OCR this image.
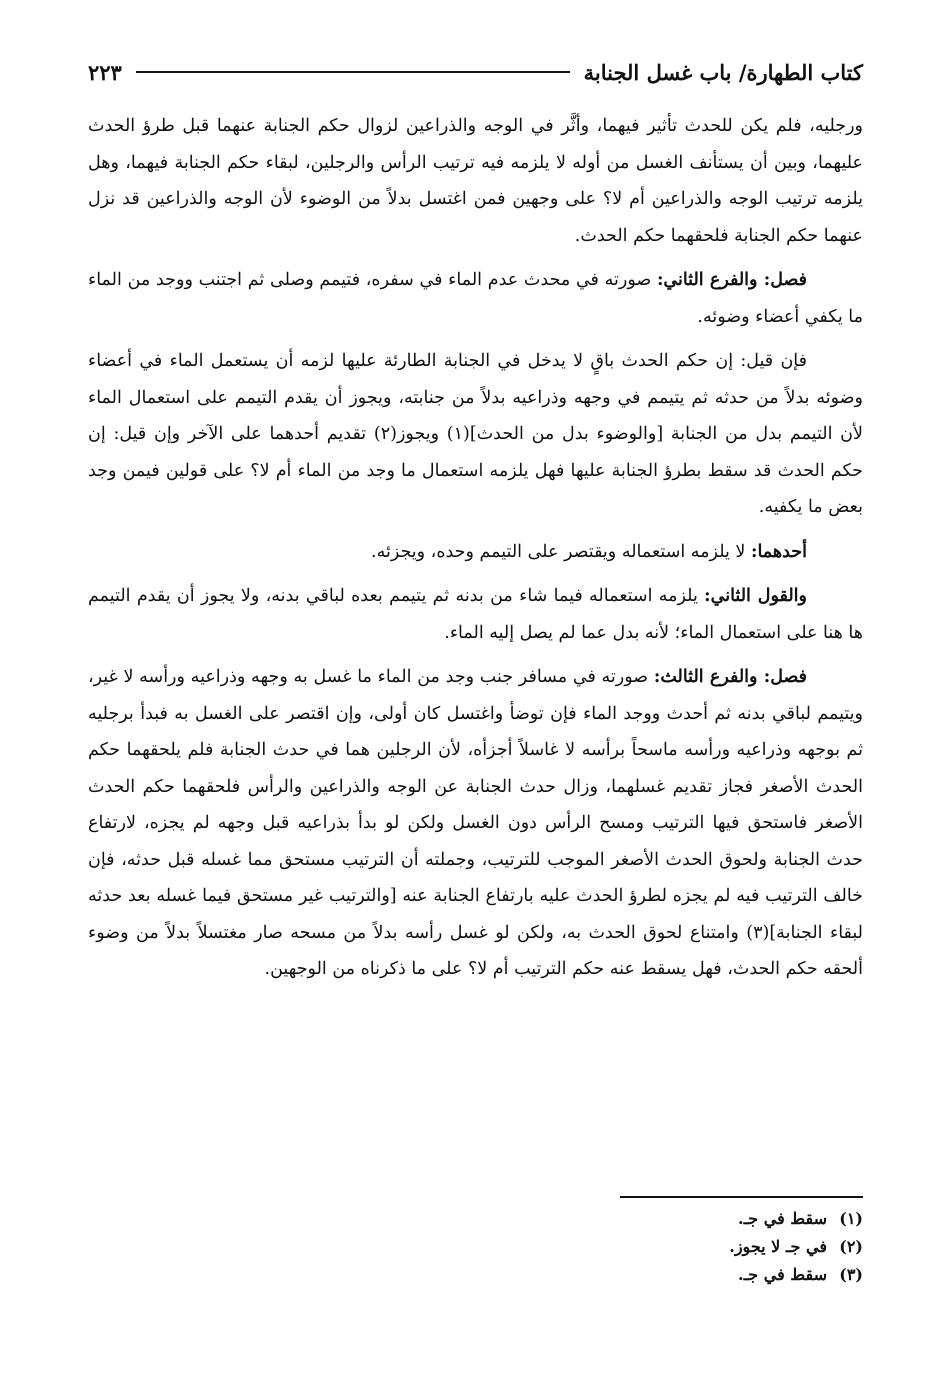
كتاب الطهارة/ باب غسل الجنابة
٢٢٣

ورجليه، فلم يكن للحدث تأثير فيهما، وأثَّر في الوجه والذراعين لزوال حكم الجنابة عنهما قبل طرؤ الحدث عليهما، وبين أن يستأنف الغسل من أوله لا يلزمه فيه ترتيب الرأس والرجلين، لبقاء حكم الجنابة فيهما، وهل يلزمه ترتيب الوجه والذراعين أم لا؟ على وجهين فمن اغتسل بدلاً من الوضوء لأن الوجه والذراعين قد نزل عنهما حكم الجنابة فلحقهما حكم الحدث.

فصل: والفرع الثاني: صورته في محدث عدم الماء في سفره، فتيمم وصلى ثم اجتنب ووجد من الماء ما يكفي أعضاء وضوئه.

فإن قيل: إن حكم الحدث باقٍ لا يدخل في الجنابة الطارئة عليها لزمه أن يستعمل الماء في أعضاء وضوئه بدلاً من حدثه ثم يتيمم في وجهه وذراعيه بدلاً من جنابته، ويجوز أن يقدم التيمم على استعمال الماء لأن التيمم بدل من الجنابة [والوضوء بدل من الحدث](١) ويجوز(٢) تقديم أحدهما على الآخر وإن قيل: إن حكم الحدث قد سقط بطرؤ الجنابة عليها فهل يلزمه استعمال ما وجد من الماء أم لا؟ على قولين فيمن وجد بعض ما يكفيه.

أحدهما: لا يلزمه استعماله ويقتصر على التيمم وحده، ويجزئه.

والقول الثاني: يلزمه استعماله فيما شاء من بدنه ثم يتيمم بعده لباقي بدنه، ولا يجوز أن يقدم التيمم ها هنا على استعمال الماء؛ لأنه بدل عما لم يصل إليه الماء.

فصل: والفرع الثالث: صورته في مسافر جنب وجد من الماء ما غسل به وجهه وذراعيه ورأسه لا غير، ويتيمم لباقي بدنه ثم أحدث ووجد الماء فإن توضأ واغتسل كان أولى، وإن اقتصر على الغسل به فبدأ برجليه ثم بوجهه وذراعيه ورأسه ماسحاً برأسه لا غاسلاً أجزأه، لأن الرجلين هما في حدث الجنابة فلم يلحقهما حكم الحدث الأصغر فجاز تقديم غسلهما، وزال حدث الجنابة عن الوجه والذراعين والرأس فلحقهما حكم الحدث الأصغر فاستحق فيها الترتيب ومسح الرأس دون الغسل ولكن لو بدأ بذراعيه قبل وجهه لم يجزه، لارتفاع حدث الجنابة ولحوق الحدث الأصغر الموجب للترتيب، وجملته أن الترتيب مستحق مما غسله قبل حدثه، فإن خالف الترتيب فيه لم يجزه لطرؤ الحدث عليه بارتفاع الجنابة عنه [والترتيب غير مستحق فيما غسله بعد حدثه لبقاء الجنابة](٣) وامتناع لحوق الحدث به، ولكن لو غسل رأسه بدلاً من مسحه صار مغتسلاً بدلاً من وضوء ألحقه حكم الحدث، فهل يسقط عنه حكم الترتيب أم لا؟ على ما ذكرناه من الوجهين.

(١)
سقط في جـ.
(٢)
في جـ لا يجوز.
(٣)
سقط في جـ.
